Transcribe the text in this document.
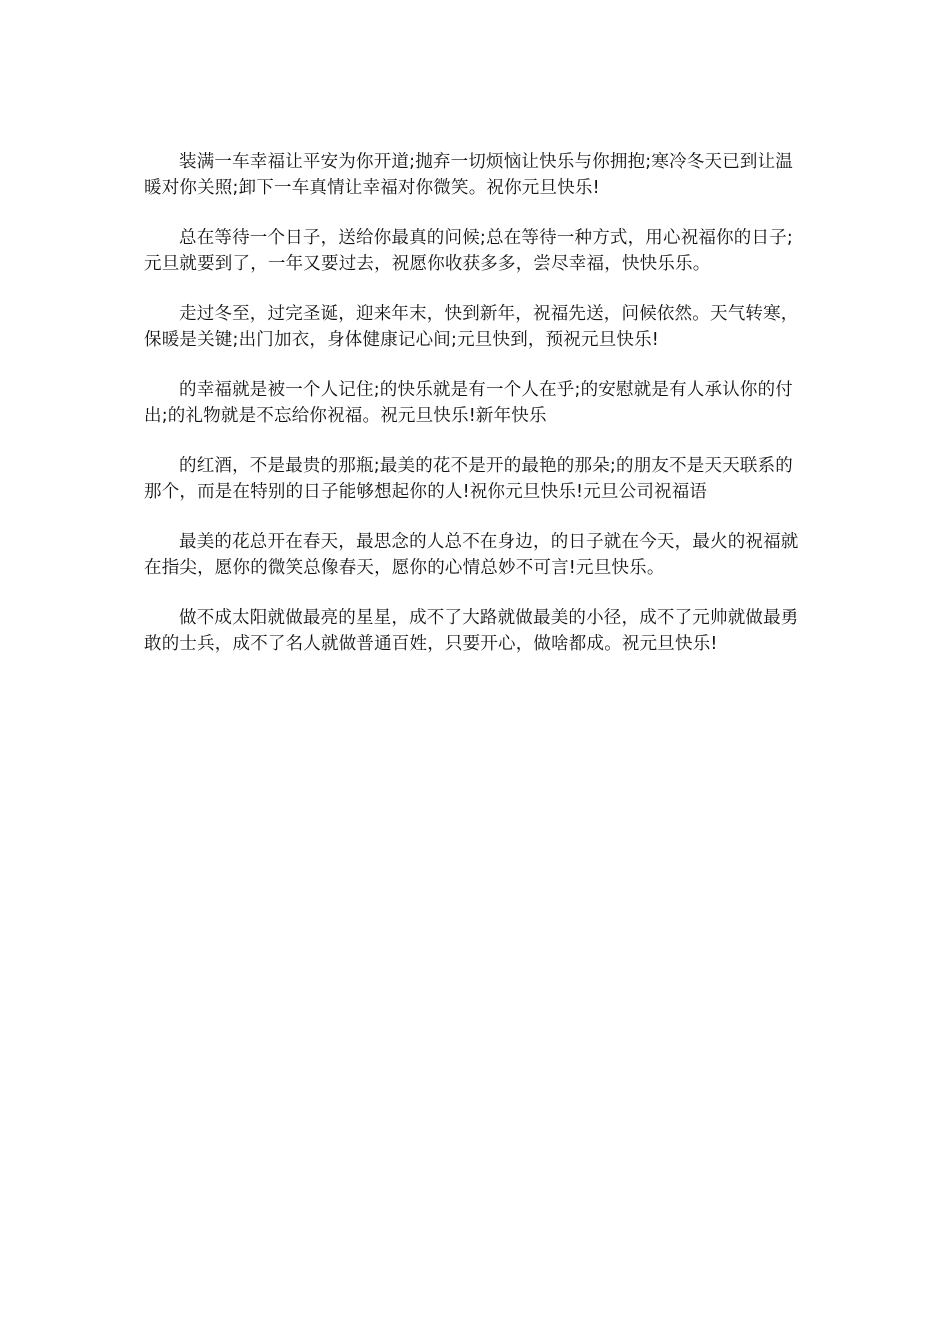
装满一车幸福让平安为你开道;抛弃一切烦恼让快乐与你拥抱;寒冷冬天已到让温暖对你关照;卸下一车真情让幸福对你微笑。祝你元旦快乐!

总在等待一个日子，送给你最真的问候;总在等待一种方式，用心祝福你的日子;元旦就要到了，一年又要过去，祝愿你收获多多，尝尽幸福，快快乐乐。

走过冬至，过完圣诞，迎来年末，快到新年，祝福先送，问候依然。天气转寒，保暖是关键;出门加衣，身体健康记心间;元旦快到，预祝元旦快乐!

的幸福就是被一个人记住;的快乐就是有一个人在乎;的安慰就是有人承认你的付出;的礼物就是不忘给你祝福。祝元旦快乐!新年快乐

的红酒，不是最贵的那瓶;最美的花不是开的最艳的那朵;的朋友不是天天联系的那个，而是在特别的日子能够想起你的人!祝你元旦快乐!元旦公司祝福语

最美的花总开在春天，最思念的人总不在身边，的日子就在今天，最火的祝福就在指尖，愿你的微笑总像春天，愿你的心情总妙不可言!元旦快乐。

做不成太阳就做最亮的星星，成不了大路就做最美的小径，成不了元帅就做最勇敢的士兵，成不了名人就做普通百姓，只要开心，做啥都成。祝元旦快乐!
